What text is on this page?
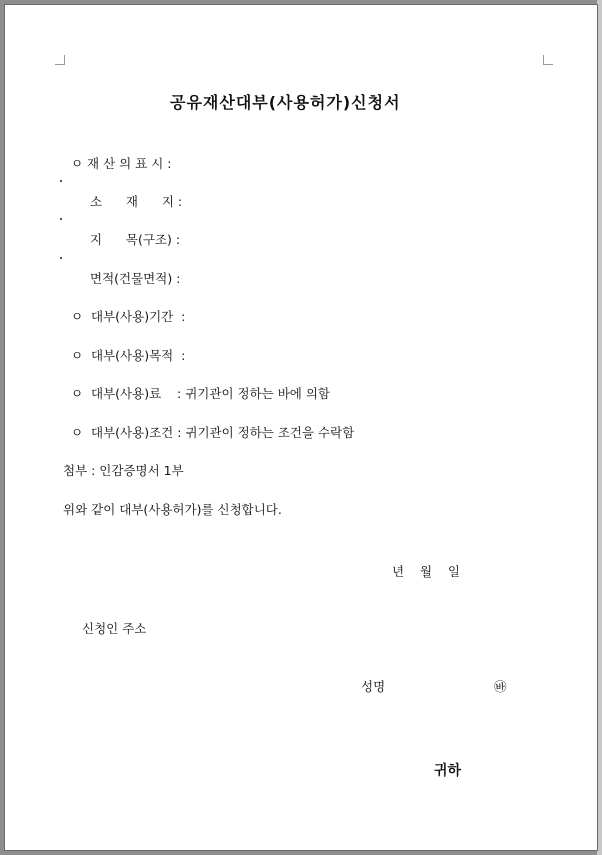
공유재산대부(사용허가)신청서
ㅇ 재 산 의 표 시 :
소      재      지 :
지      목(구조) :
면적(건물면적) :
ㅇ  대부(사용)기간  :
ㅇ  대부(사용)목적  :
ㅇ  대부(사용)료    : 귀기관이 정하는 바에 의함
ㅇ  대부(사용)조건 : 귀기관이 정하는 조건을 수락함
첨부 : 인감증명서 1부
위와 같이 대부(사용허가)를 신청합니다.
년    월    일
신청인 주소
성명	㉳
귀하
